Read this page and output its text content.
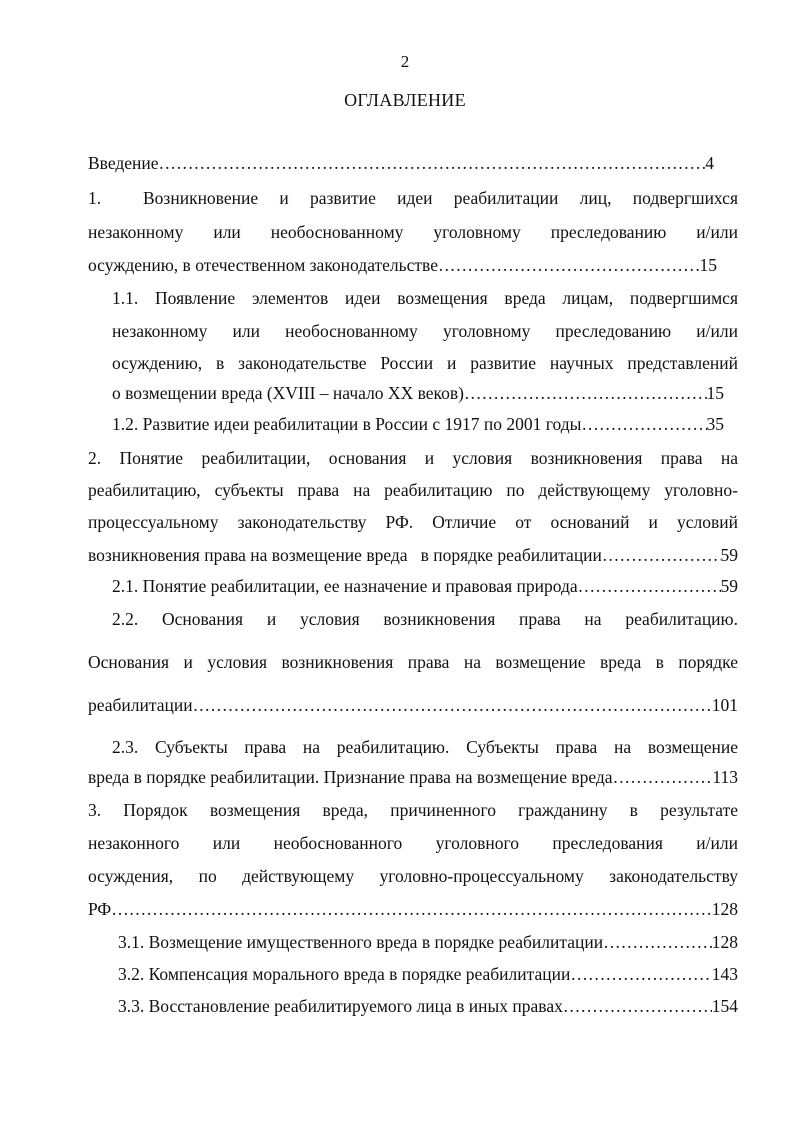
2
ОГЛАВЛЕНИЕ
Введение …………………………………………………………………………………………………………………………………………	4
1. Возникновение и развитие идеи реабилитации лиц, подвергшихся
незаконному или необоснованному уголовному преследованию и/или
осуждению, в отечественном законодательстве …………………………………………………………………………………………………………………………………………	15
1.1. Появление элементов идеи возмещения вреда лицам, подвергшимся
незаконному или необоснованному уголовному преследованию и/или
осуждению, в законодательстве России и развитие научных представлений
о возмещении вреда (XVIII – начало XX веков) …………………………………………………………………………………………………………………………………………	15
1.2. Развитие идеи реабилитации в России с 1917 по 2001 годы …………………………………………………………………………………………………………………………………………	35
2. Понятие реабилитации, основания и условия возникновения права на
реабилитацию, субъекты права на реабилитацию по действующему уголовно-
процессуальному законодательству РФ. Отличие от оснований и условий
возникновения права на возмещение вреда   в порядке реабилитации …………………………………………………………………………………………………………………………………………	59
2.1. Понятие реабилитации, ее назначение и правовая природа …………………………………………………………………………………………………………………………………………	59
2.2. Основания и условия возникновения права на реабилитацию.
Основания и условия возникновения права на возмещение вреда в порядке
реабилитации …………………………………………………………………………………………………………………………………………	101
2.3. Субъекты права на реабилитацию. Субъекты права на возмещение
вреда в порядке реабилитации. Признание права на возмещение вреда …………………………………………………………………………………………………………………………………………	113
3. Порядок возмещения вреда, причиненного гражданину в результате
незаконного или необоснованного уголовного преследования и/или
осуждения, по действующему уголовно-процессуальному законодательству
РФ …………………………………………………………………………………………………………………………………………	128
3.1. Возмещение имущественного вреда в порядке реабилитации …………………………………………………………………………………………………………………………………………	128
3.2. Компенсация морального вреда в порядке реабилитации …………………………………………………………………………………………………………………………………………	143
3.3. Восстановление реабилитируемого лица в иных правах …………………………………………………………………………………………………………………………………………	154
